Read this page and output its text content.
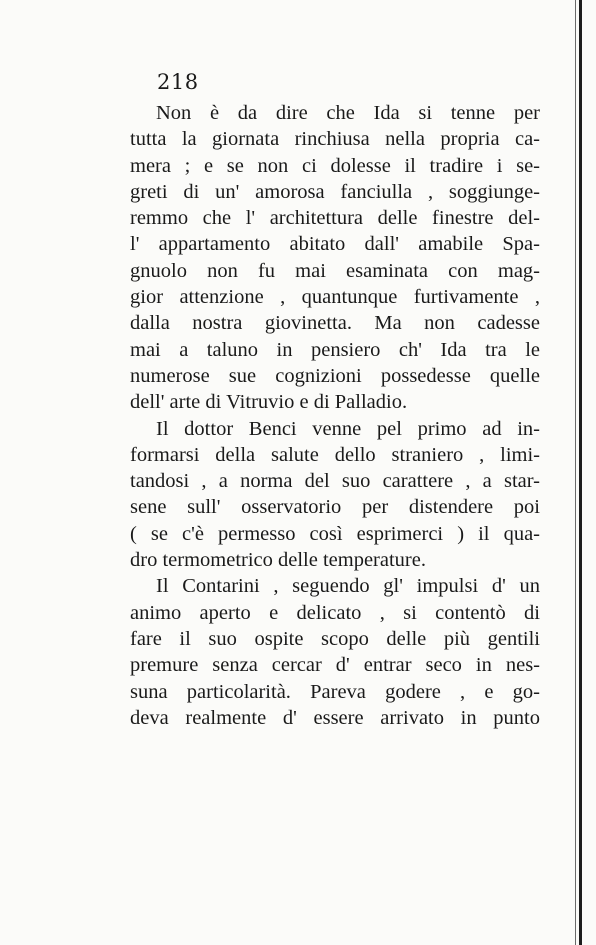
218
Non è da dire che Ida si tenne per
tutta la giornata rinchiusa nella propria ca-
mera ; e se non ci dolesse il tradire i se-
greti di un' amorosa fanciulla , soggiunge-
remmo che l' architettura delle finestre del-
l' appartamento abitato dall' amabile Spa-
gnuolo non fu mai esaminata con mag-
gior attenzione , quantunque furtivamente ,
dalla nostra giovinetta. Ma non cadesse
mai a taluno in pensiero ch' Ida tra le
numerose sue cognizioni possedesse quelle
dell' arte di Vitruvio e di Palladio.
Il dottor Benci venne pel primo ad in-
formarsi della salute dello straniero , limi-
tandosi , a norma del suo carattere , a star-
sene sull' osservatorio per distendere poi
( se c'è permesso così esprimerci ) il qua-
dro termometrico delle temperature.
Il Contarini , seguendo gl' impulsi d' un
animo aperto e delicato , si contentò di
fare il suo ospite scopo delle più gentili
premure senza cercar d' entrar seco in nes-
suna particolarità. Pareva godere , e go-
deva realmente d' essere arrivato in punto
